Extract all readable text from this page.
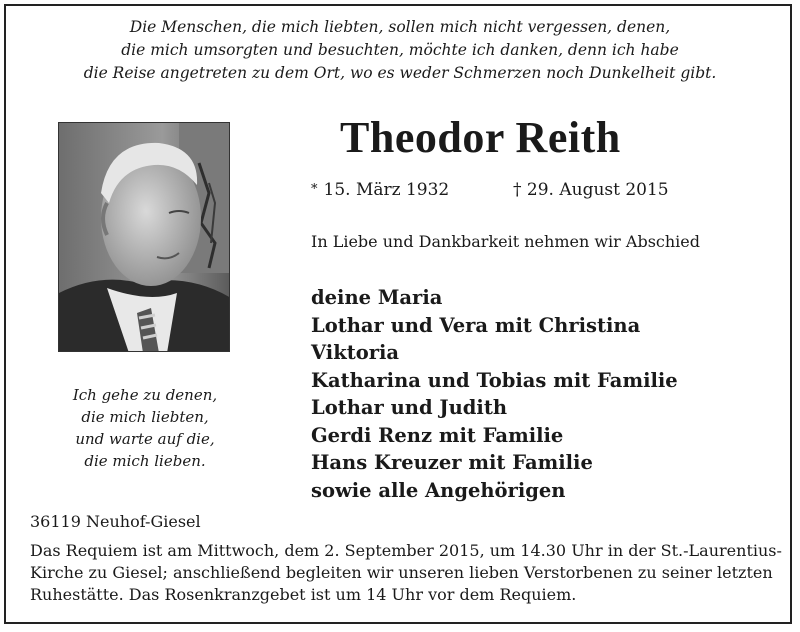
Die Menschen, die mich liebten, sollen mich nicht vergessen, denen,
die mich umsorgten und besuchten, möchte ich danken, denn ich habe
die Reise angetreten zu dem Ort, wo es weder Schmerzen noch Dunkelheit gibt.
Theodor Reith
* 15. März 1932	† 29. August 2015
In Liebe und Dankbarkeit nehmen wir Abschied
deine Maria
Lothar und Vera mit Christina
Viktoria
Katharina und Tobias mit Familie
Lothar und Judith
Gerdi Renz mit Familie
Hans Kreuzer mit Familie
sowie alle Angehörigen
Ich gehe zu denen,
die mich liebten,
und warte auf die,
die mich lieben.
36119 Neuhof-Giesel
Das Requiem ist am Mittwoch, dem 2. September 2015, um 14.30 Uhr in der St.-Laurentius-
Kirche zu Giesel; anschließend begleiten wir unseren lieben Verstorbenen zu seiner letzten
Ruhestätte. Das Rosenkranzgebet ist um 14 Uhr vor dem Requiem.
